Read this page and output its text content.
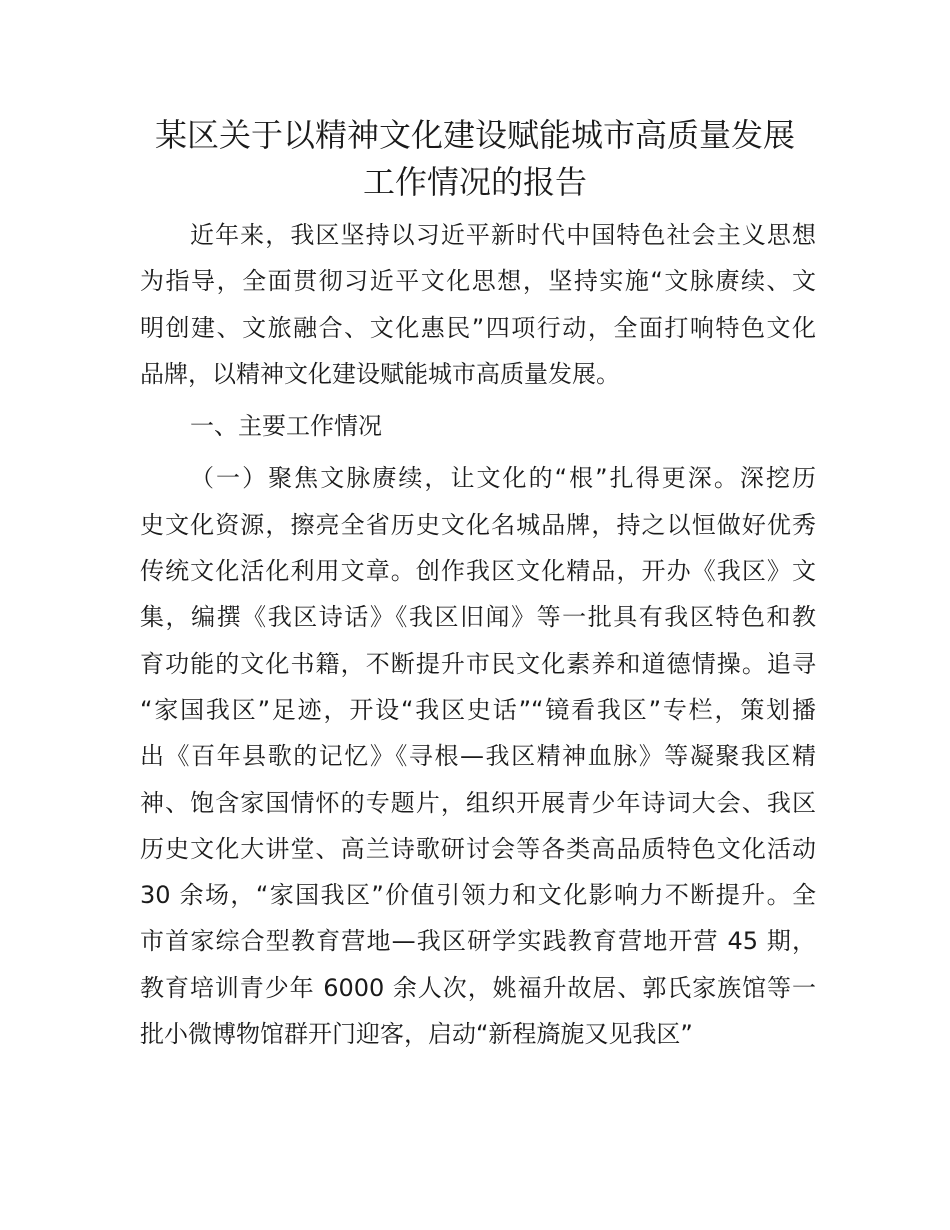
某区关于以精神文化建设赋能城市高质量发展
工作情况的报告
近年来，我区坚持以习近平新时代中国特色社会主义思想
为指导，全面贯彻习近平文化思想，坚持实施“文脉赓续、文
明创建、文旅融合、文化惠民”四项行动，全面打响特色文化
品牌，以精神文化建设赋能城市高质量发展。
一、主要工作情况
（一）聚焦文脉赓续，让文化的“根”扎得更深。深挖历
史文化资源，擦亮全省历史文化名城品牌，持之以恒做好优秀
传统文化活化利用文章。创作我区文化精品，开办《我区》文
集，编撰《我区诗话》《我区旧闻》等一批具有我区特色和教
育功能的文化书籍，不断提升市民文化素养和道德情操。追寻
“家国我区”足迹，开设“我区史话”“镜看我区”专栏，策划播
出《百年县歌的记忆》《寻根—我区精神血脉》等凝聚我区精
神、饱含家国情怀的专题片，组织开展青少年诗词大会、我区
历史文化大讲堂、高兰诗歌研讨会等各类高品质特色文化活动
30 余场，“家国我区”价值引领力和文化影响力不断提升。全
市首家综合型教育营地—我区研学实践教育营地开营 45 期，
教育培训青少年 6000 余人次，姚福升故居、郭氏家族馆等一
批小微博物馆群开门迎客，启动“新程旖旎又见我区”
